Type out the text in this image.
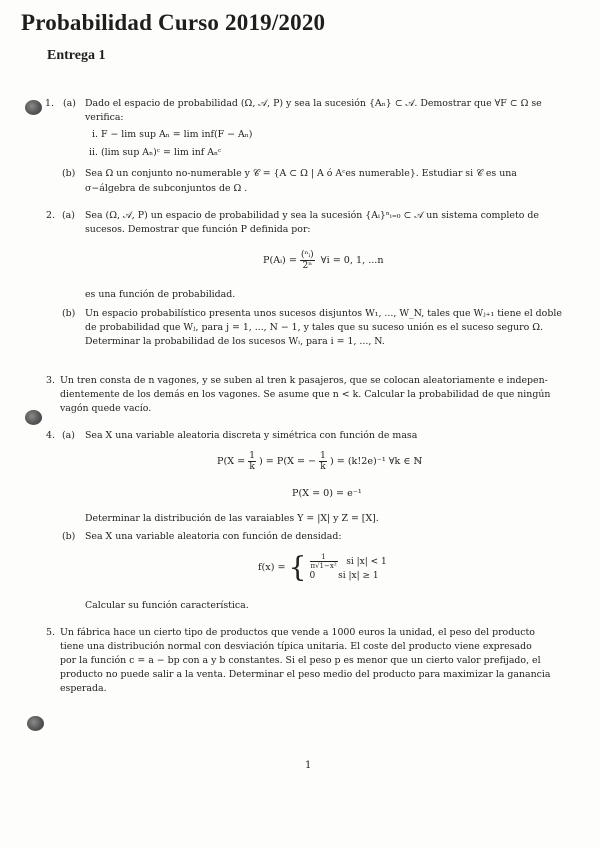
Probabilidad Curso 2019/2020
Entrega 1
1. (a) Dado el espacio de probabilidad (Ω, 𝒜, P) y sea la sucesión {Aₙ} ⊂ 𝒜. Demostrar que ∀F ⊂ Ω se
verifica:
i. F − lim sup Aₙ = lim inf(F − Aₙ)
ii. (lim sup Aₙ)ᶜ = lim inf Aₙᶜ
(b) Sea Ω un conjunto no-numerable y 𝒞 = {A ⊂ Ω | A ó Aᶜes numerable}. Estudiar si 𝒞 es una
σ−álgebra de subconjuntos de Ω .
2. (a) Sea (Ω, 𝒜, P) un espacio de probabilidad y sea la sucesión {Aᵢ}ⁿᵢ₌₀ ⊂ 𝒜 un sistema completo de
sucesos. Demostrar que función P definida por:
P(Aᵢ) = $\frac{\text{(ⁿᵢ)}}{\text{2ⁿ}}$ ∀i = 0, 1, ...n
es una función de probabilidad.
(b) Un espacio probabilístico presenta unos sucesos disjuntos W₁, ..., W_N, tales que Wⱼ₊₁ tiene el doble
de probabilidad que Wⱼ, para j = 1, ..., N − 1, y tales que su suceso unión es el suceso seguro Ω.
Determinar la probabilidad de los sucesos Wᵢ, para i = 1, ..., N.
3. Un tren consta de n vagones, y se suben al tren k pasajeros, que se colocan aleatoriamente e indepen-
dientemente de los demás en los vagones. Se asume que n < k. Calcular la probabilidad de que ningún
vagón quede vacío.
4. (a) Sea X una variable aleatoria discreta y simétrica con función de masa
$P(X = \frac{1}{k}$ ) = P(X = − $\frac{1}{k}$ ) = (k!2e)⁻¹ ∀k ∈ ℕ
P(X = 0) = e⁻¹
Determinar la distribución de las varaiables Y = |X| y Z = [X].
(b) Sea X una variable aleatoria con función de densidad:
f(x) = { $\frac{1}{\text{π√1−x²}}$ si |x| < 1
0	si |x| ≥ 1
Calcular su función característica.
5. Un fábrica hace un cierto tipo de productos que vende a 1000 euros la unidad, el peso del producto
tiene una distribución normal con desviación típica unitaria. El coste del producto viene expresado
por la función c = a − bp con a y b constantes. Si el peso p es menor que un cierto valor prefijado, el
producto no puede salir a la venta. Determinar el peso medio del producto para maximizar la ganancia
esperada.
1
